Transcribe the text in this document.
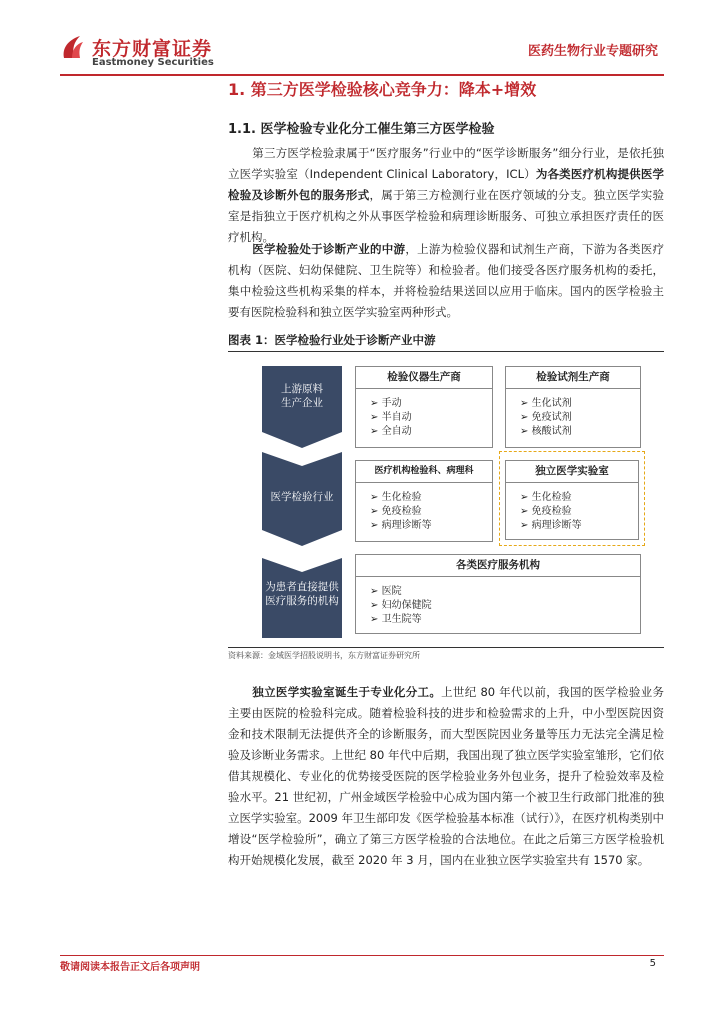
东方财富证券
Eastmoney Securities
医药生物行业专题研究
1. 第三方医学检验核心竞争力：降本+增效
1.1. 医学检验专业化分工催生第三方医学检验
第三方医学检验隶属于“医疗服务”行业中的“医学诊断服务”细分行业，是依托独立医学实验室（Independent Clinical Laboratory，ICL）为各类医疗机构提供医学检验及诊断外包的服务形式，属于第三方检测行业在医疗领域的分支。独立医学实验室是指独立于医疗机构之外从事医学检验和病理诊断服务、可独立承担医疗责任的医疗机构。
医学检验处于诊断产业的中游，上游为检验仪器和试剂生产商，下游为各类医疗机构（医院、妇幼保健院、卫生院等）和检验者。他们接受各医疗服务机构的委托，集中检验这些机构采集的样本，并将检验结果送回以应用于临床。国内的医学检验主要有医院检验科和独立医学实验室两种形式。
图表 1：医学检验行业处于诊断产业中游
上游原料
生产企业
医学检验行业
为患者直接提供
医疗服务的机构
检验仪器生产商
➢ 手动
➢ 半自动
➢ 全自动
检验试剂生产商
➢ 生化试剂
➢ 免疫试剂
➢ 核酸试剂
医疗机构检验科、病理科
➢ 生化检验
➢ 免疫检验
➢ 病理诊断等
独立医学实验室
➢ 生化检验
➢ 免疫检验
➢ 病理诊断等
各类医疗服务机构
➢ 医院
➢ 妇幼保健院
➢ 卫生院等
资料来源：金域医学招股说明书，东方财富证券研究所
独立医学实验室诞生于专业化分工。上世纪 80 年代以前，我国的医学检验业务主要由医院的检验科完成。随着检验科技的进步和检验需求的上升，中小型医院因资金和技术限制无法提供齐全的诊断服务，而大型医院因业务量等压力无法完全满足检验及诊断业务需求。上世纪 80 年代中后期，我国出现了独立医学实验室雏形，它们依借其规模化、专业化的优势接受医院的医学检验业务外包业务，提升了检验效率及检验水平。21 世纪初，广州金域医学检验中心成为国内第一个被卫生行政部门批准的独立医学实验室。2009 年卫生部印发《医学检验基本标准（试行）》，在医疗机构类别中增设“医学检验所”，确立了第三方医学检验的合法地位。在此之后第三方医学检验机构开始规模化发展，截至 2020 年 3 月，国内在业独立医学实验室共有 1570 家。
敬请阅读本报告正文后各项声明	5
